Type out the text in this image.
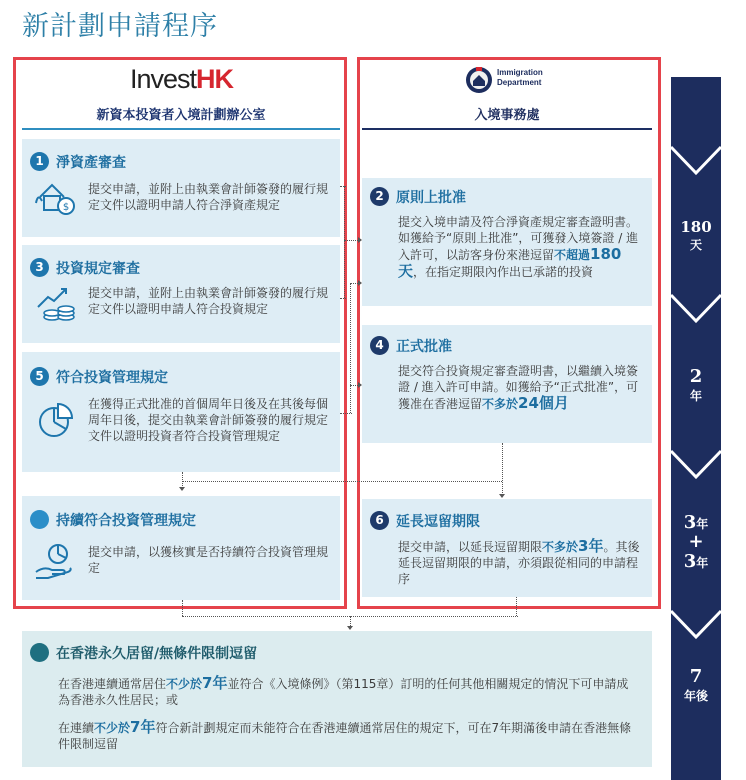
新計劃申請程序
InvestHK
新資本投資者入境計劃辦公室
Immigration
Department
入境事務處
1 淨資產審查
$
提交申請，並附上由執業會計師簽發的履行規定文件以證明申請人符合淨資產規定
3 投資規定審查
提交申請，並附上由執業會計師簽發的履行規定文件以證明申請人符合投資規定
5 符合投資管理規定
在獲得正式批准的首個周年日後及在其後每個周年日後，提交由執業會計師簽發的履行規定文件以證明投資者符合投資管理規定
持續符合投資管理規定
提交申請，以獲核實是否持續符合投資管理規定
2 原則上批准
提交入境申請及符合淨資產規定審查證明書。如獲給予“原則上批准”，可獲發入境簽證 / 進入許可，以訪客身份來港逗留不超過180天，在指定期限內作出已承諾的投資
4 正式批准
提交符合投資規定審查證明書，以繼續入境簽證 / 進入許可申請。如獲給予“正式批准”，可獲准在香港逗留不多於24個月
6 延長逗留期限
提交申請，以延長逗留期限不多於3年。其後延長逗留期限的申請，亦須跟從相同的申請程序
在香港永久居留/無條件限制逗留
在香港連續通常居住不少於7年並符合《入境條例》（第115章）訂明的任何其他相關規定的情況下可申請成為香港永久性居民；或
在連續不少於7年符合新計劃規定而未能符合在香港連續通常居住的規定下，可在7年期滿後申請在香港無條件限制逗留
180
天
2
年
3年
+
3年
7
年後
